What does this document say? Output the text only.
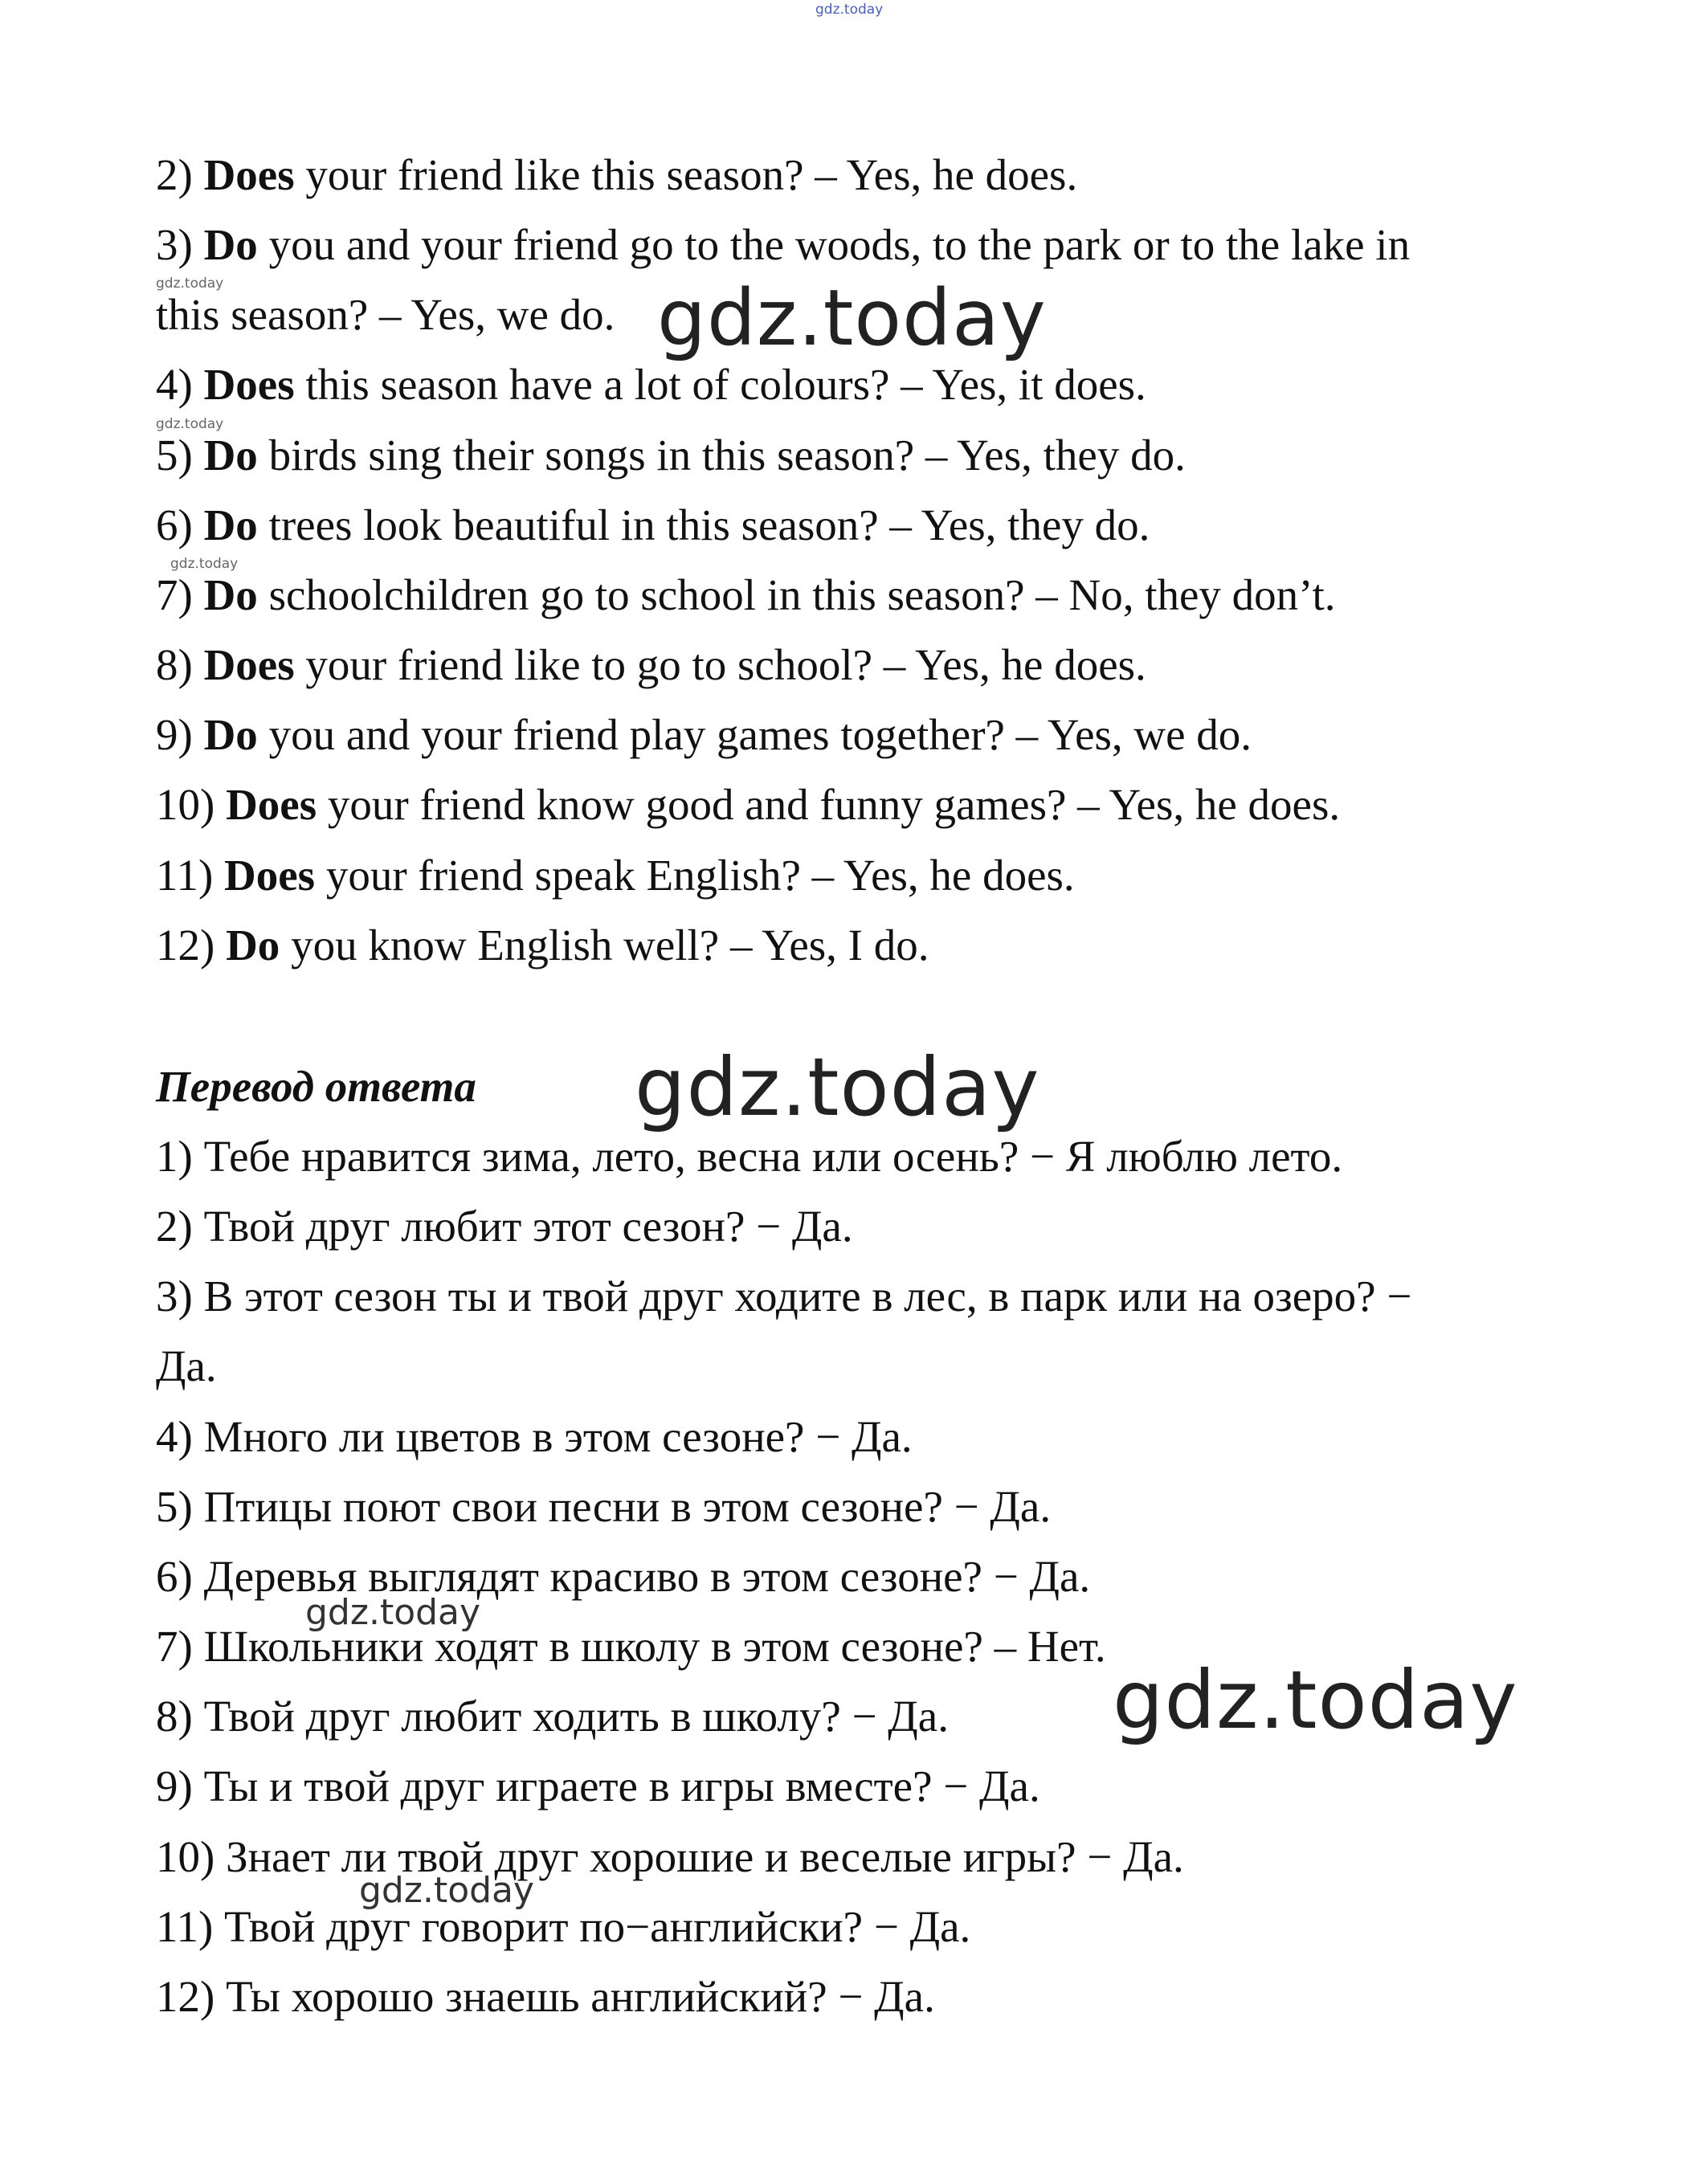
gdz.today
2) Does your friend like this season? – Yes, he does.
3) Do you and your friend go to the woods, to the park or to the lake in
this season? – Yes, we do.
4) Does this season have a lot of colours? – Yes, it does.
5) Do birds sing their songs in this season? – Yes, they do.
6) Do trees look beautiful in this season? – Yes, they do.
7) Do schoolchildren go to school in this season? – No, they don’t.
8) Does your friend like to go to school? – Yes, he does.
9) Do you and your friend play games together? – Yes, we do.
10) Does your friend know good and funny games? – Yes, he does.
11) Does your friend speak English? – Yes, he does.
12) Do you know English well? – Yes, I do.
gdz.today
gdz.today
gdz.today
gdz.today
Перевод ответа gdz.today
1) Тебе нравится зима, лето, весна или осень? − Я люблю лето.
2) Твой друг любит этот сезон? − Да.
3) В этот сезон ты и твой друг ходите в лес, в парк или на озеро? −
Да.
4) Много ли цветов в этом сезоне? − Да.
5) Птицы поют свои песни в этом сезоне? − Да.
6) Деревья выглядят красиво в этом сезоне? − Да.
7) Школьники ходят в школу в этом сезоне? – Нет.
8) Твой друг любит ходить в школу? − Да.
9) Ты и твой друг играете в игры вместе? − Да.
10) Знает ли твой друг хорошие и веселые игры? − Да.
11) Твой друг говорит по−английски? − Да.
12) Ты хорошо знаешь английский? − Да.
gdz.today
gdz.today
gdz.today
